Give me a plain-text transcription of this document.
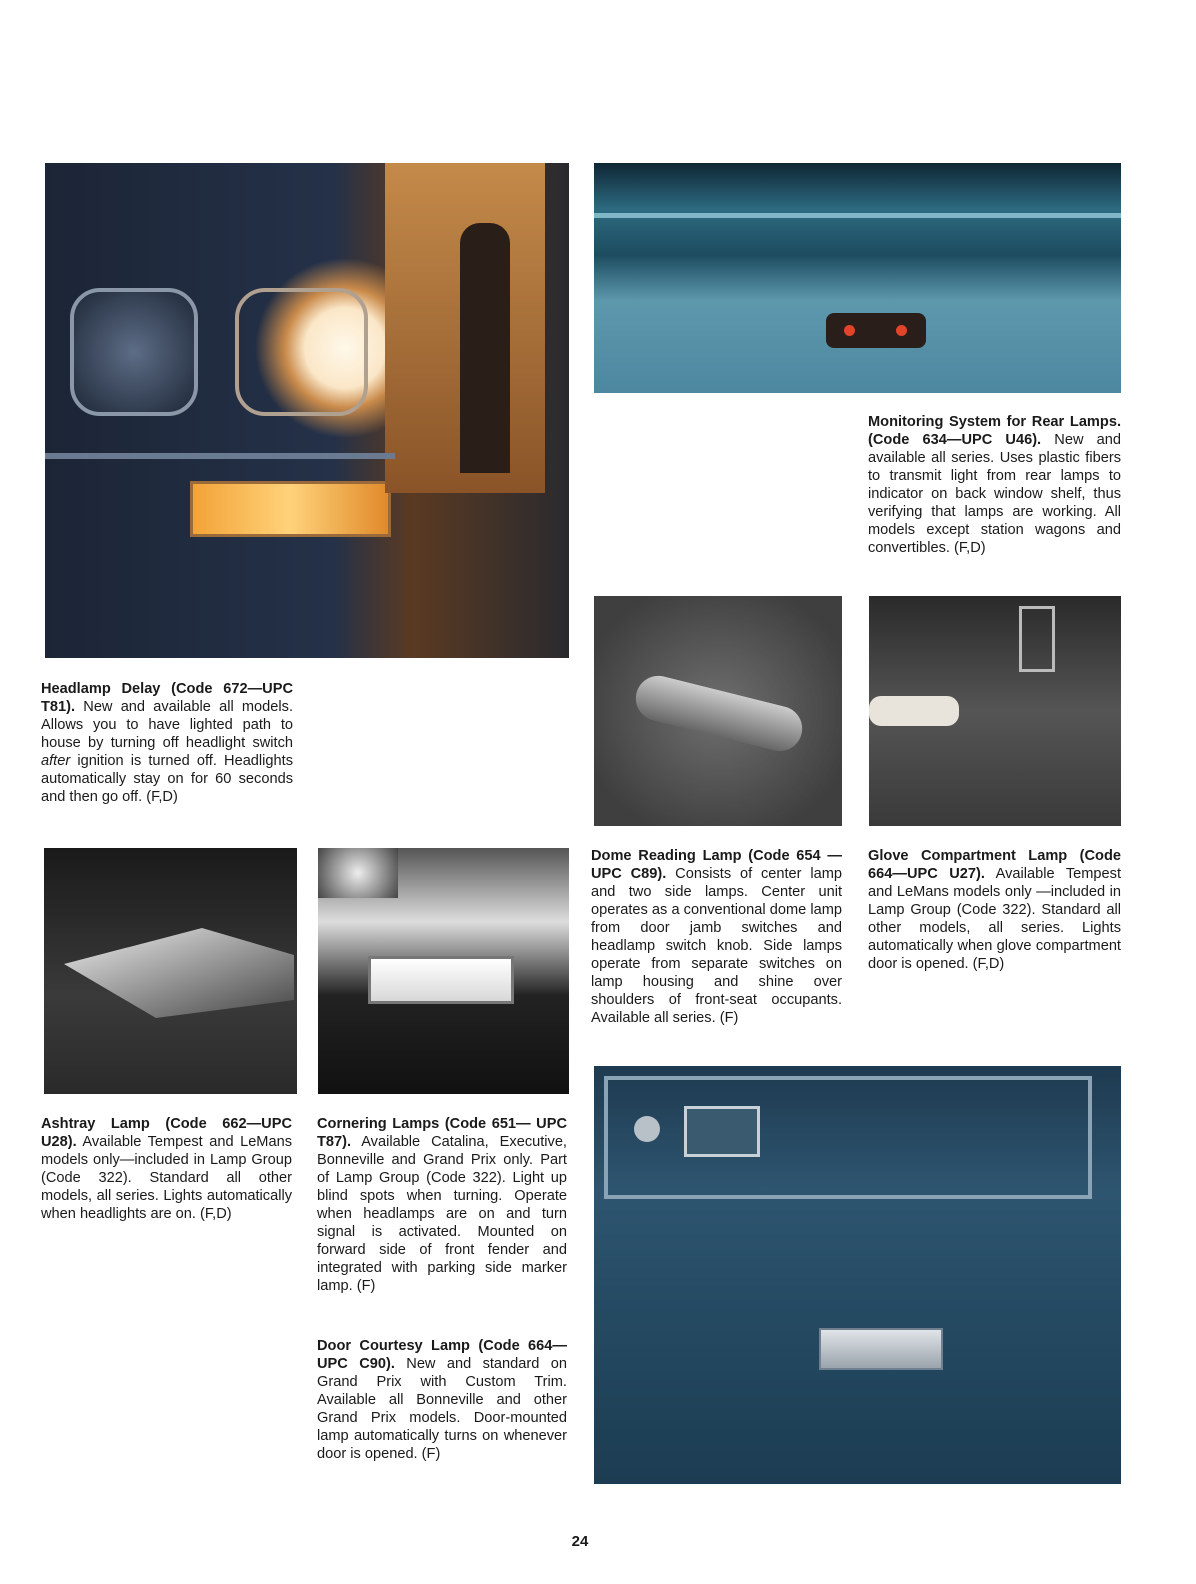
Headlamp Delay (Code 672—UPC T81). New and available all models. Allows you to have lighted path to house by turning off headlight switch after ignition is turned off. Headlights automatically stay on for 60 seconds and then go off. (F,D)
Monitoring System for Rear Lamps. (Code 634—UPC U46). New and available all series. Uses plastic fibers to transmit light from rear lamps to indicator on back window shelf, thus verifying that lamps are working. All models except station wagons and convertibles. (F,D)
Dome Reading Lamp (Code 654 —UPC C89). Consists of center lamp and two side lamps. Center unit operates as a conventional dome lamp from door jamb switches and headlamp switch knob. Side lamps operate from separate switches on lamp housing and shine over shoulders of front-seat occupants. Available all series. (F)
Glove Compartment Lamp (Code 664—UPC U27). Available Tempest and LeMans models only —included in Lamp Group (Code 322). Standard all other models, all series. Lights automatically when glove compartment door is opened. (F,D)
Ashtray Lamp (Code 662—UPC U28). Available Tempest and LeMans models only—included in Lamp Group (Code 322). Standard all other models, all series. Lights automatically when headlights are on. (F,D)
Cornering Lamps (Code 651— UPC T87). Available Catalina, Executive, Bonneville and Grand Prix only. Part of Lamp Group (Code 322). Light up blind spots when turning. Operate when headlamps are on and turn signal is activated. Mounted on forward side of front fender and integrated with parking side marker lamp. (F)
Door Courtesy Lamp (Code 664— UPC C90). New and standard on Grand Prix with Custom Trim. Available all Bonneville and other Grand Prix models. Door-mounted lamp automatically turns on whenever door is opened. (F)
24
